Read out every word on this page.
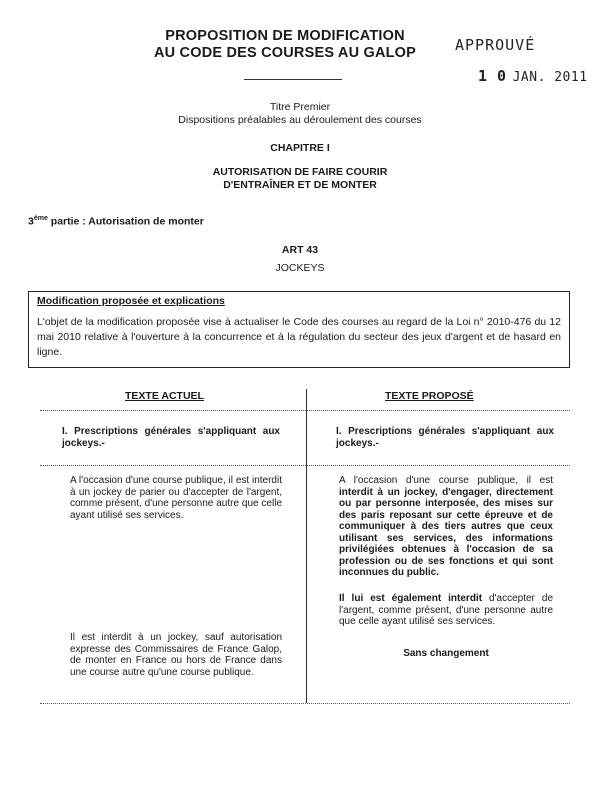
PROPOSITION DE MODIFICATION
AU CODE DES COURSES AU GALOP	APPROUVÉ
1 0 JAN. 2011
Titre Premier
Dispositions préalables au déroulement des courses
CHAPITRE I
AUTORISATION DE FAIRE COURIR
D'ENTRAÎNER ET DE MONTER
3ème partie : Autorisation de monter
ART 43
JOCKEYS
Modification proposée et explications
L'objet de la modification proposée vise à actualiser le Code des courses au regard de la Loi n° 2010-476 du 12 mai 2010 relative à l'ouverture à la concurrence et à la régulation du secteur des jeux d'argent et de hasard en ligne.
TEXTE ACTUEL	TEXTE PROPOSÉ
I. Prescriptions générales s'appliquant aux jockeys.-
A l'occasion d'une course publique, il est interdit à un jockey de parier ou d'accepter de l'argent, comme présent, d'une personne autre que celle ayant utilisé ses services.
Il est interdit à un jockey, sauf autorisation expresse des Commissaires de France Galop, de monter en France ou hors de France dans une course autre qu'une course publique.
I. Prescriptions générales s'appliquant aux jockeys.-
A l'occasion d'une course publique, il est interdit à un jockey, d'engager, directement ou par personne interposée, des mises sur des paris reposant sur cette épreuve et de communiquer à des tiers autres que ceux utilisant ses services, des informations privilégiées obtenues à l'occasion de sa profession ou de ses fonctions et qui sont inconnues du public.
Il lui est également interdit d'accepter de l'argent, comme présent, d'une personne autre que celle ayant utilisé ses services.
Sans changement
